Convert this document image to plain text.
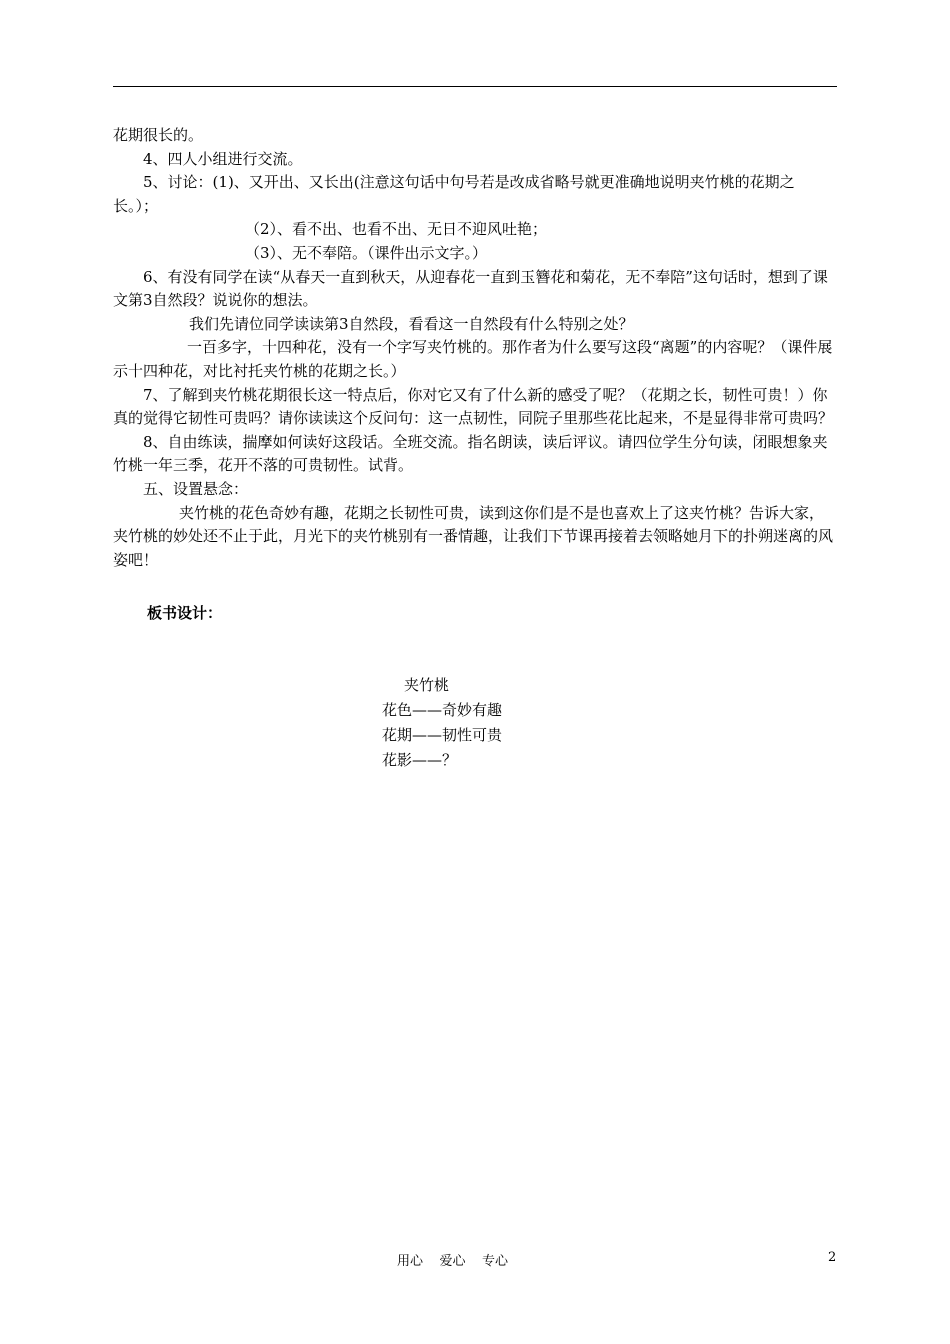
花期很长的。

4、四人小组进行交流。

5、讨论：(1)、又开出、又长出(注意这句话中句号若是改成省略号就更准确地说明夹竹桃的花期之长。）；

（2）、看不出、也看不出、无日不迎风吐艳；

（3）、无不奉陪。（课件出示文字。）

6、有没有同学在读“从春天一直到秋天，从迎春花一直到玉簪花和菊花，无不奉陪”这句话时，想到了课文第3自然段？说说你的想法。

我们先请位同学读读第3自然段，看看这一自然段有什么特别之处？

一百多字，十四种花，没有一个字写夹竹桃的。那作者为什么要写这段“离题”的内容呢？（课件展示十四种花，对比衬托夹竹桃的花期之长。）

7、了解到夹竹桃花期很长这一特点后，你对它又有了什么新的感受了呢？（花期之长，韧性可贵！）你真的觉得它韧性可贵吗？请你读读这个反问句：这一点韧性，同院子里那些花比起来，不是显得非常可贵吗？

8、自由练读，揣摩如何读好这段话。全班交流。指名朗读，读后评议。请四位学生分句读，闭眼想象夹竹桃一年三季，花开不落的可贵韧性。试背。

五、设置悬念：

夹竹桃的花色奇妙有趣，花期之长韧性可贵，读到这你们是不是也喜欢上了这夹竹桃？告诉大家，夹竹桃的妙处还不止于此，月光下的夹竹桃别有一番情趣，让我们下节课再接着去领略她月下的扑朔迷离的风姿吧！

板书设计：

夹竹桃
花色——奇妙有趣
花期——韧性可贵
花影——？
用心    爱心    专心	2
